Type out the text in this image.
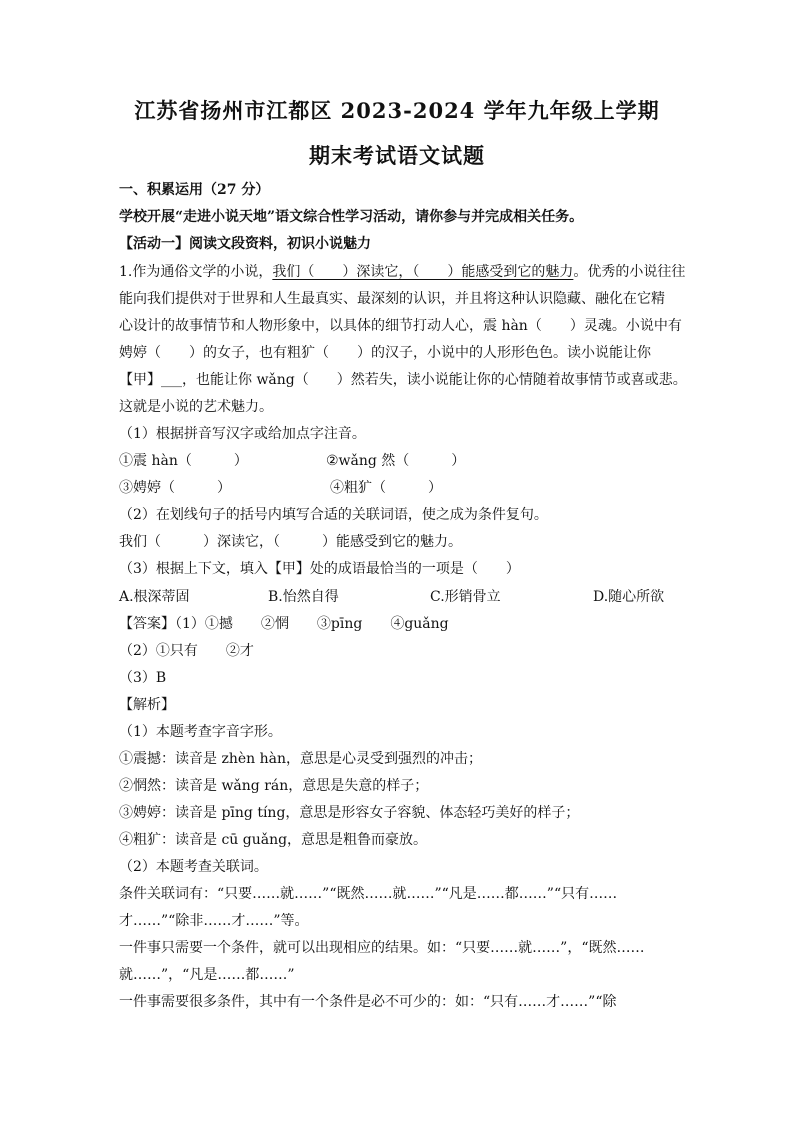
江苏省扬州市江都区 2023-2024 学年九年级上学期
期末考试语文试题
一、积累运用（27 分）
学校开展“走进小说天地”语文综合性学习活动，请你参与并完成相关任务。
【活动一】阅读文段资料，初识小说魅力
1.作为通俗文学的小说，我们（　　）深读它，（　　）能感受到它的魅力。优秀的小说往往
能向我们提供对于世界和人生最真实、最深刻的认识，并且将这种认识隐藏、融化在它精
心设计的故事情节和人物形象中，以具体的细节打动人心，震 hàn（　　）灵魂。小说中有
娉婷（　　）的女子，也有粗犷（　　）的汉子，小说中的人形形色色。读小说能让你
【甲】___，也能让你 wǎng（　　）然若失，读小说能让你的心情随着故事情节或喜或悲。
这就是小说的艺术魅力。
（1）根据拼音写汉字或给加点字注音。
①震 hàn（　　　）	②wǎng 然（　　　）
③娉婷（　　　）	④粗犷（　　　）
（2）在划线句子的括号内填写合适的关联词语，使之成为条件复句。
我们（　　　）深读它，（　　　）能感受到它的魅力。
（3）根据上下文，填入【甲】处的成语最恰当的一项是（　　）
A.根深蒂固	B.怡然自得	C.形销骨立	D.随心所欲
【答案】（1）①撼　　②惘　　③pīng　　④guǎng
（2）①只有　　②才
（3）B
【解析】
（1）本题考查字音字形。
①震撼：读音是 zhèn hàn，意思是心灵受到强烈的冲击；
②惘然：读音是 wǎng rán，意思是失意的样子；
③娉婷：读音是 pīng tíng，意思是形容女子容貌、体态轻巧美好的样子；
④粗犷：读音是 cū guǎng，意思是粗鲁而豪放。
（2）本题考查关联词。
条件关联词有：“只要……就……”“既然……就……”“凡是……都……”“只有……
才……”“除非……才……”等。
一件事只需要一个条件，就可以出现相应的结果。如：“只要……就……”，“既然……
就……”，“凡是……都……”
一件事需要很多条件，其中有一个条件是必不可少的：如：“只有……才……”“除
